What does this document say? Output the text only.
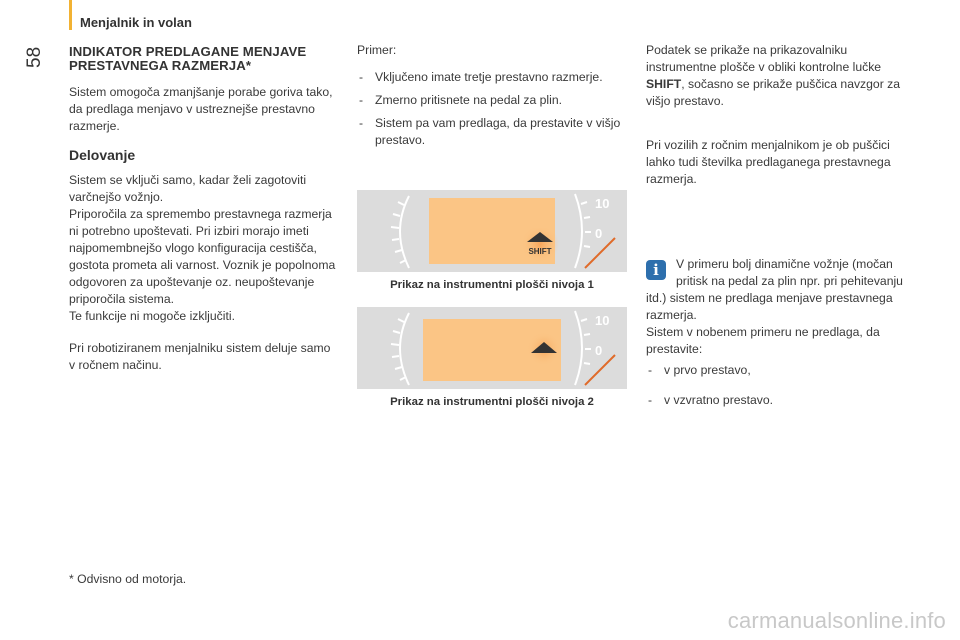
Menjalnik in volan
58 INDIKATOR PREDLAGANE MENJAVE
PRESTAVNEGA RAZMERJA*

Sistem omogoča zmanjšanje porabe goriva tako, da predlaga menjavo v ustreznejše prestavno razmerje.

Delovanje

Sistem se vključi samo, kadar želi zagotoviti varčnejšo vožnjo.

Priporočila za spremembo prestavnega razmerja ni potrebno upoštevati. Pri izbiri morajo imeti najpomembnejšo vlogo konfiguracija cestišča, gostota prometa ali varnost. Voznik je popolnoma odgovoren za upoštevanje oz. neupoštevanje priporočila sistema.

Te funkcije ni mogoče izključiti.

Pri robotiziranem menjalniku sistem deluje samo v ročnem načinu.

* Odvisno od motorja.

Primer:

- Vključeno imate tretje prestavno razmerje.
- Zmerno pritisnete na pedal za plin.
- Sistem pa vam predlaga, da prestavite v višjo prestavo.
SHIFT
10
0
Prikaz na instrumentni plošči nivoja 1
10
0
Prikaz na instrumentni plošči nivoja 2

Podatek se prikaže na prikazovalniku instrumentne plošče v obliki kontrolne lučke SHIFT, sočasno se prikaže puščica navzgor za višjo prestavo.

Pri vozilih z ročnim menjalnikom je ob puščici lahko tudi številka predlaganega prestavnega razmerja.

i	V primeru bolj dinamične vožnje (močan pritisk na pedal za plin npr. pri pehitevanju itd.) sistem ne predlaga menjave prestavnega razmerja.

Sistem v nobenem primeru ne predlaga, da prestavite:

- v prvo prestavo,
- v vzvratno prestavo.
carmanualsonline.info
